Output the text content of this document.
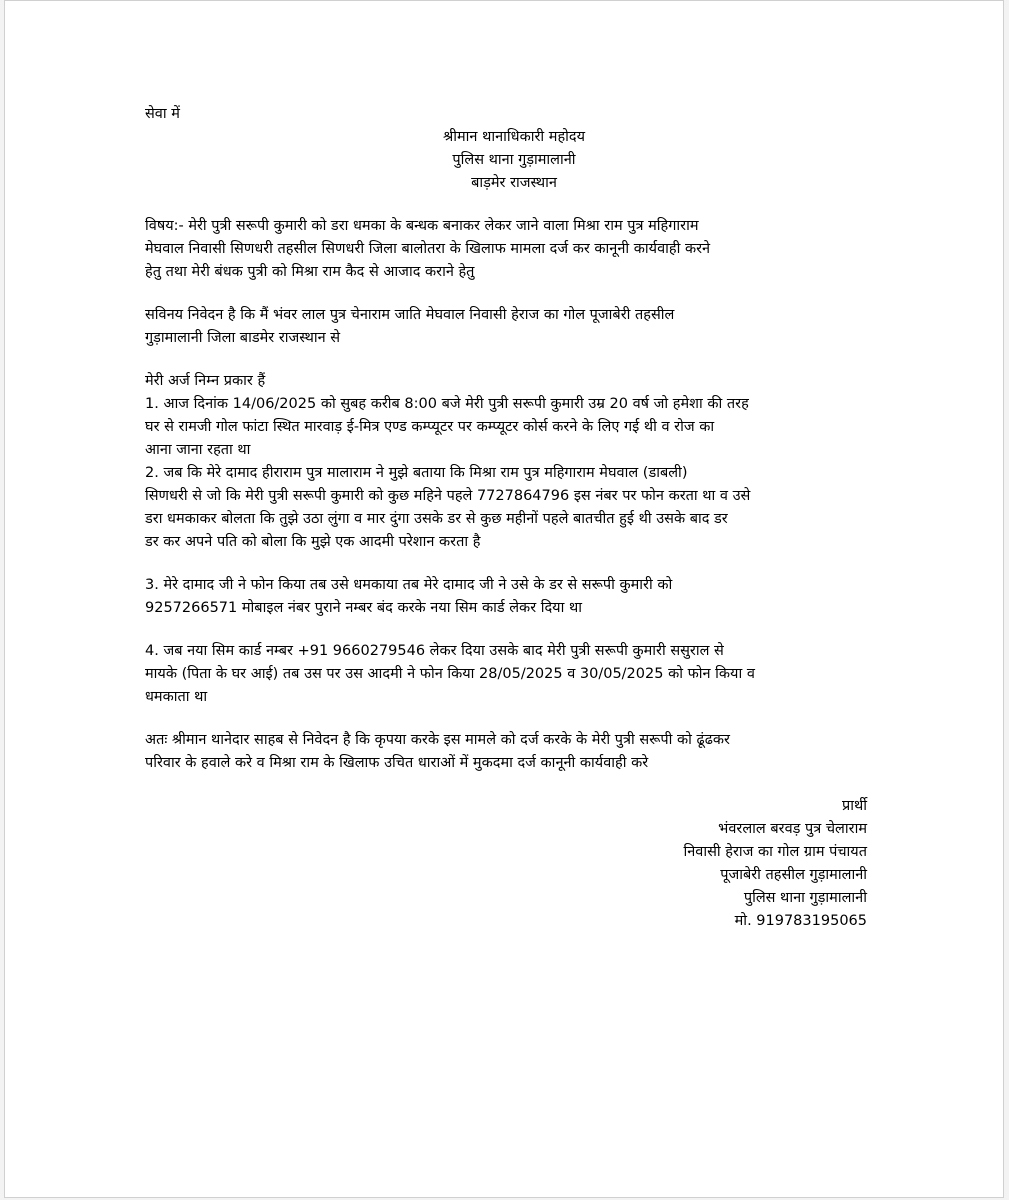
सेवा में
श्रीमान थानाधिकारी महोदय
पुलिस थाना गुड़ामालानी
बाड़मेर राजस्थान
विषय:- मेरी पुत्री सरूपी कुमारी को डरा धमका के बन्धक बनाकर लेकर जाने वाला मिश्रा राम पुत्र महिगाराम
मेघवाल निवासी सिणधरी तहसील सिणधरी जिला बालोतरा के खिलाफ मामला दर्ज कर कानूनी कार्यवाही करने
हेतु तथा मेरी बंधक पुत्री को मिश्रा राम कैद से आजाद कराने हेतु
सविनय निवेदन है कि मैं भंवर लाल पुत्र चेनाराम जाति मेघवाल निवासी हेराज का गोल पूजाबेरी तहसील
गुड़ामालानी जिला बाडमेर राजस्थान से
मेरी अर्ज निम्न प्रकार हैं
1. आज दिनांक 14/06/2025 को सुबह करीब 8:00 बजे मेरी पुत्री सरूपी कुमारी उम्र 20 वर्ष जो हमेशा की तरह
घर से रामजी गोल फांटा स्थित मारवाड़ ई-मित्र एण्ड कम्प्यूटर पर कम्प्यूटर कोर्स करने के लिए गई थी व रोज का
आना जाना रहता था
2. जब कि मेरे दामाद हीराराम पुत्र मालाराम ने मुझे बताया कि मिश्रा राम पुत्र महिगाराम मेघवाल (डाबली)
सिणधरी से जो कि मेरी पुत्री सरूपी कुमारी को कुछ महिने पहले 7727864796 इस नंबर पर फोन करता था व उसे
डरा धमकाकर बोलता कि तुझे उठा लुंगा व मार दुंगा उसके डर से कुछ महीनों पहले बातचीत हुई थी उसके बाद डर
डर कर अपने पति को बोला कि मुझे एक आदमी परेशान करता है
3. मेरे दामाद जी ने फोन किया तब उसे धमकाया तब मेरे दामाद जी ने उसे के डर से सरूपी कुमारी को
9257266571 मोबाइल नंबर पुराने नम्बर बंद करके नया सिम कार्ड लेकर दिया था
4. जब नया सिम कार्ड नम्बर +91 9660279546 लेकर दिया उसके बाद मेरी पुत्री सरूपी कुमारी ससुराल से
मायके (पिता के घर आई) तब उस पर उस आदमी ने फोन किया 28/05/2025 व 30/05/2025 को फोन किया व
धमकाता था
अतः श्रीमान थानेदार साहब से निवेदन है कि कृपया करके इस मामले को दर्ज करके के मेरी पुत्री सरूपी को ढूंढकर
परिवार के हवाले करे व मिश्रा राम के खिलाफ उचित धाराओं में मुकदमा दर्ज कानूनी कार्यवाही करे
प्रार्थी
भंवरलाल बरवड़ पुत्र चेलाराम
निवासी हेराज का गोल ग्राम पंचायत
पूजाबेरी तहसील गुड़ामालानी
पुलिस थाना गुड़ामालानी
मो. 919783195065
